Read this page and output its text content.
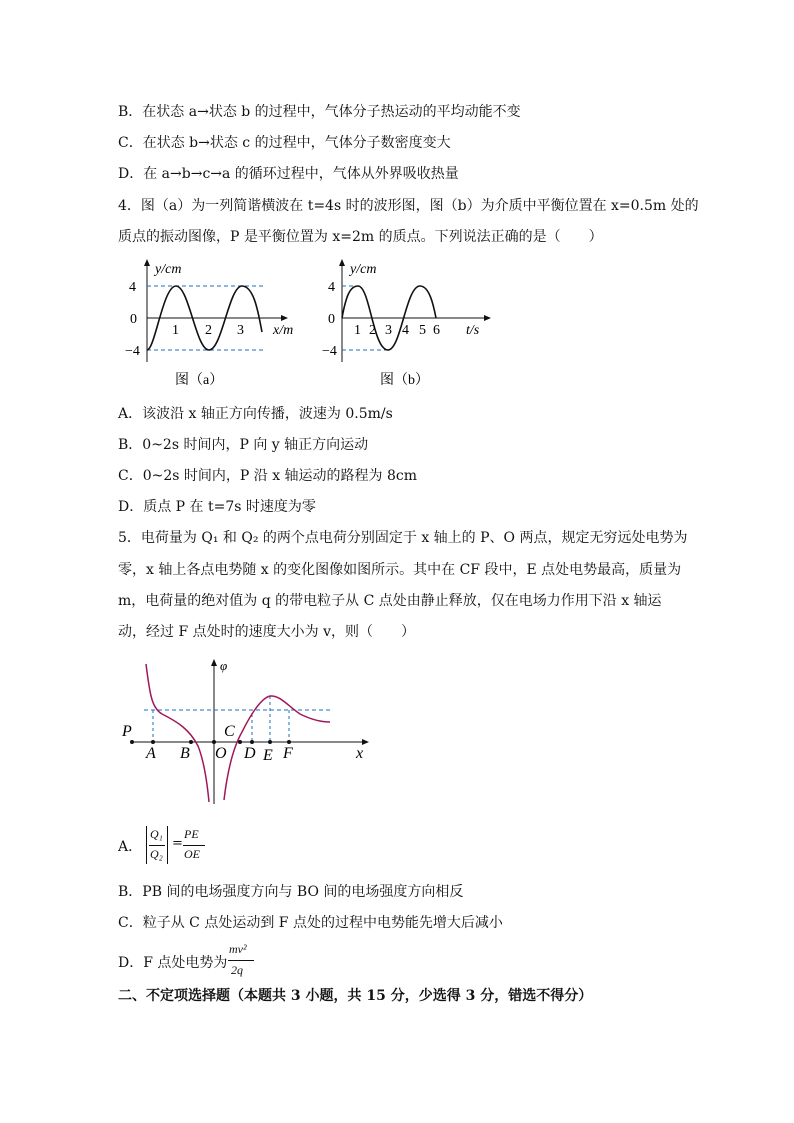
B．在状态 a→状态 b 的过程中，气体分子热运动的平均动能不变
C．在状态 b→状态 c 的过程中，气体分子数密度变大
D．在 a→b→c→a 的循环过程中，气体从外界吸收热量
4．图（a）为一列简谐横波在 t=4s 时的波形图，图（b）为介质中平衡位置在 x=0.5m 处的
质点的振动图像，P 是平衡位置为 x=2m 的质点。下列说法正确的是（　　）
y/cm
x/m
4
0
−4
1 2 3
图（a）
y/cm
t/s
4
0
−4
1 2 3 4 5 6
图（b）
A．该波沿 x 轴正方向传播，波速为 0.5m/s
B．0~2s 时间内，P 向 y 轴正方向运动
C．0~2s 时间内，P 沿 x 轴运动的路程为 8cm
D．质点 P 在 t=7s 时速度为零
5．电荷量为 Q₁ 和 Q₂ 的两个点电荷分别固定于 x 轴上的 P、O 两点，规定无穷远处电势为
零，x 轴上各点电势随 x 的变化图像如图所示。其中在 CF 段中，E 点处电势最高，质量为
m，电荷量的绝对值为 q 的带电粒子从 C 点处由静止释放，仅在电场力作用下沿 x 轴运
动，经过 F 点处时的速度大小为 v，则（　　）
φ
x
P
A B O
C
D E F
A．
Q₁
Q₂
=
PE
OE
B．PB 间的电场强度方向与 BO 间的电场强度方向相反
C．粒子从 C 点处运动到 F 点处的过程中电势能先增大后减小
D．F 点处电势为
mv²
2q
二、不定项选择题（本题共 3 小题，共 15 分，少选得 3 分，错选不得分）
